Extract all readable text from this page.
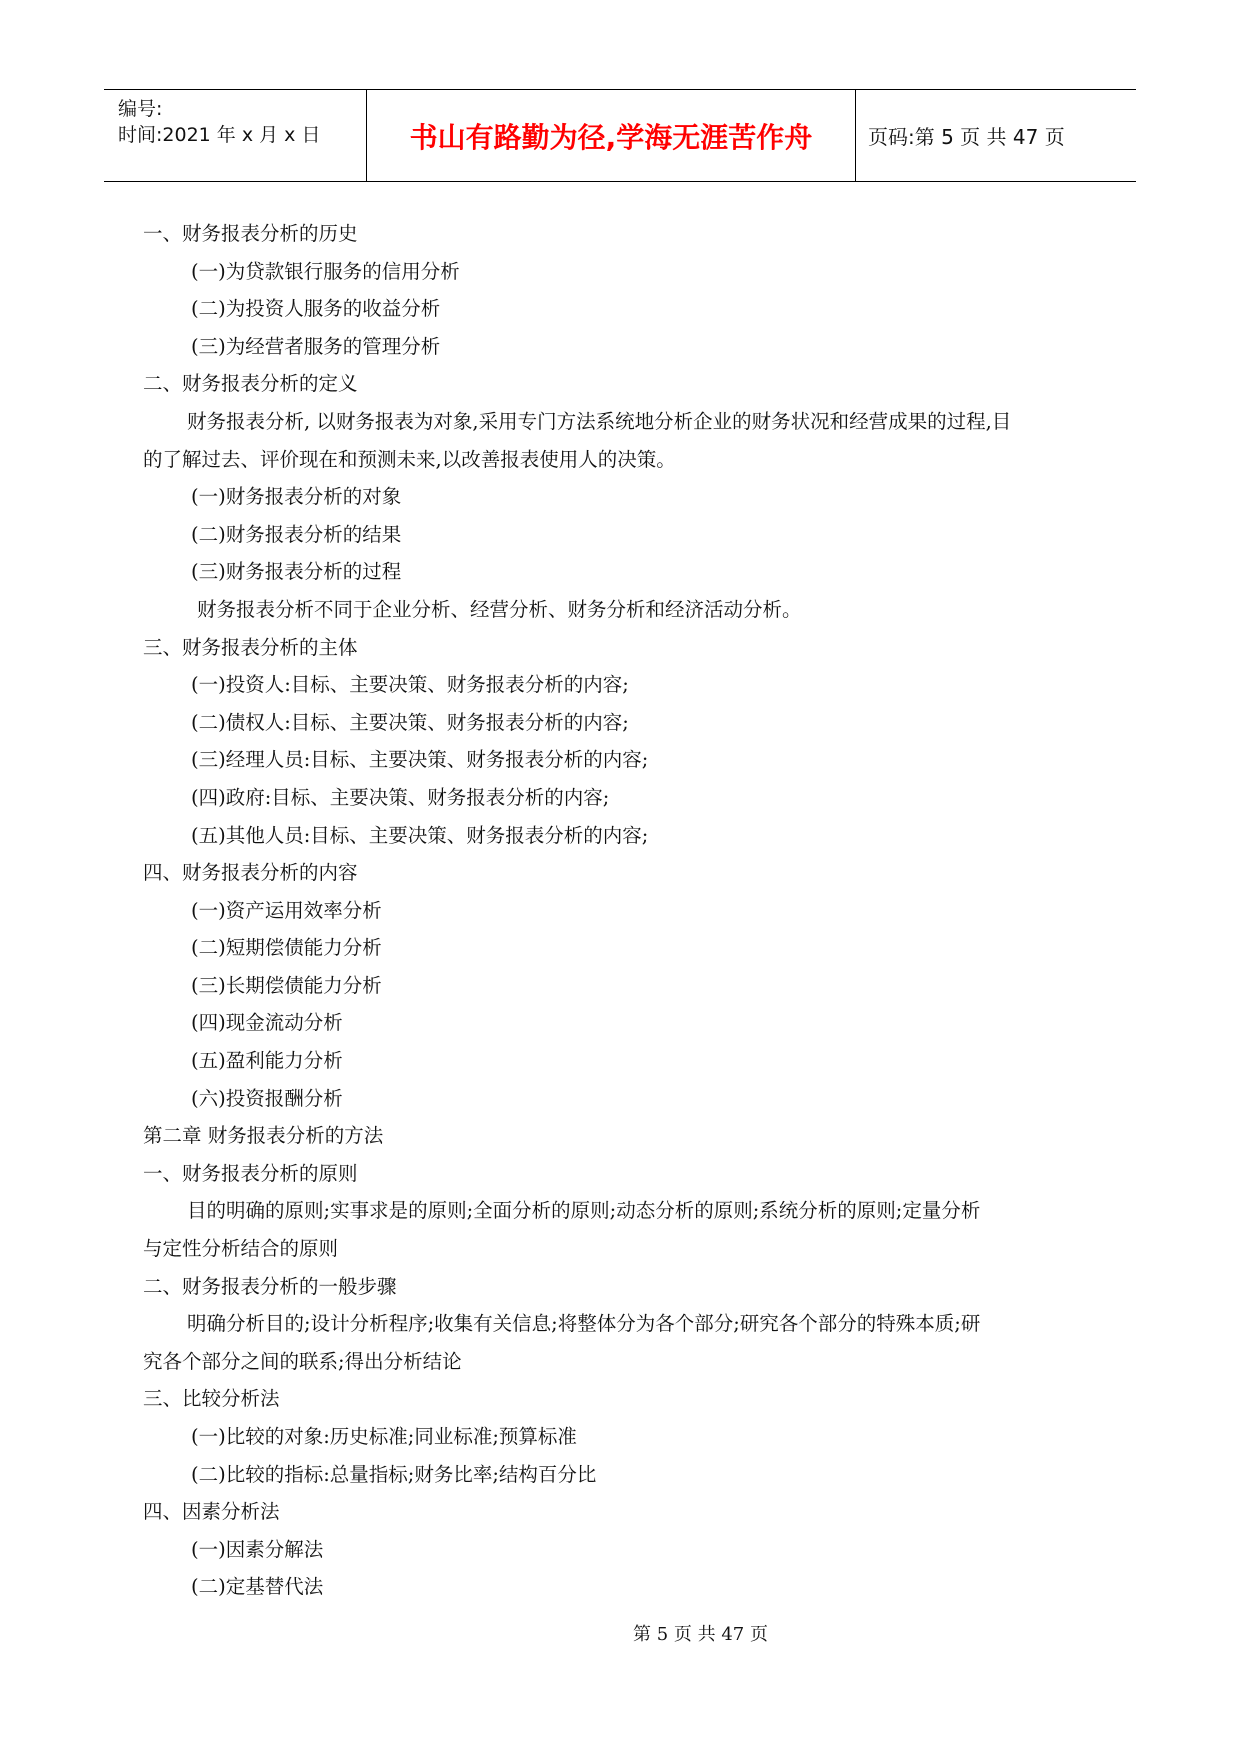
编号:
时间:2021 年 x 月 x 日	书山有路勤为径,学海无涯苦作舟	页码:第 5 页 共 47 页
一、财务报表分析的历史
(一)为贷款银行服务的信用分析
(二)为投资人服务的收益分析
(三)为经营者服务的管理分析
二、财务报表分析的定义
财务报表分析, 以财务报表为对象,采用专门方法系统地分析企业的财务状况和经营成果的过程,目
的了解过去、评价现在和预测未来,以改善报表使用人的决策。
(一)财务报表分析的对象
(二)财务报表分析的结果
(三)财务报表分析的过程
财务报表分析不同于企业分析、经营分析、财务分析和经济活动分析。
三、财务报表分析的主体
(一)投资人:目标、主要决策、财务报表分析的内容;
(二)债权人:目标、主要决策、财务报表分析的内容;
(三)经理人员:目标、主要决策、财务报表分析的内容;
(四)政府:目标、主要决策、财务报表分析的内容;
(五)其他人员:目标、主要决策、财务报表分析的内容;
四、财务报表分析的内容
(一)资产运用效率分析
(二)短期偿债能力分析
(三)长期偿债能力分析
(四)现金流动分析
(五)盈利能力分析
(六)投资报酬分析
第二章 财务报表分析的方法
一、财务报表分析的原则
目的明确的原则;实事求是的原则;全面分析的原则;动态分析的原则;系统分析的原则;定量分析
与定性分析结合的原则
二、财务报表分析的一般步骤
明确分析目的;设计分析程序;收集有关信息;将整体分为各个部分;研究各个部分的特殊本质;研
究各个部分之间的联系;得出分析结论
三、比较分析法
(一)比较的对象:历史标准;同业标准;预算标准
(二)比较的指标:总量指标;财务比率;结构百分比
四、因素分析法
(一)因素分解法
(二)定基替代法
第 5 页 共 47 页
